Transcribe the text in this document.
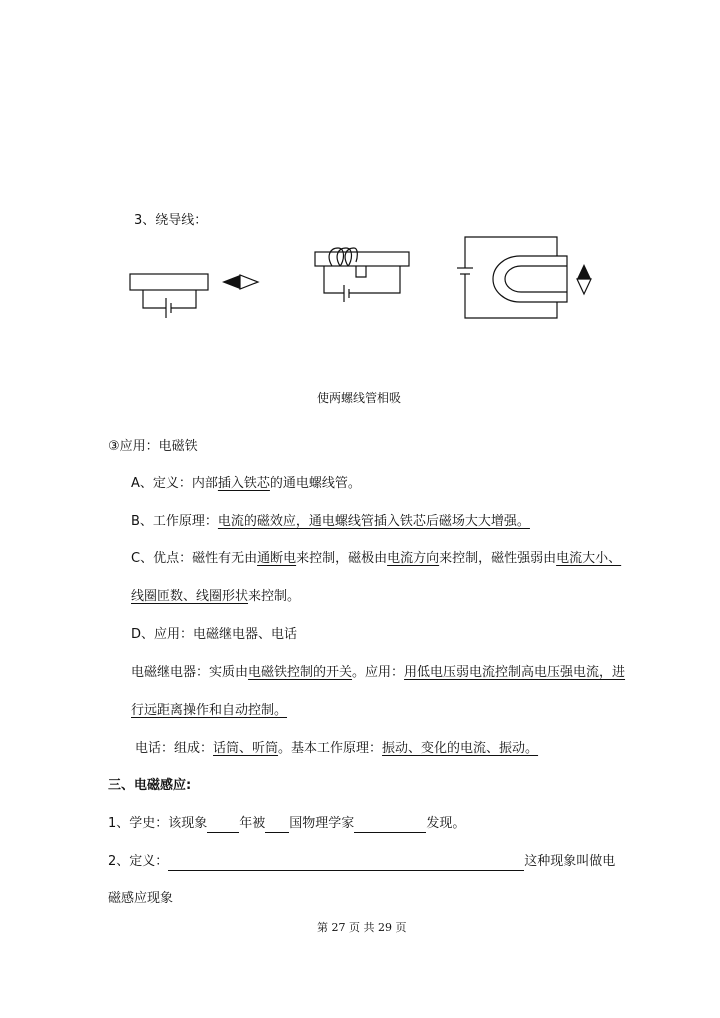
3、绕导线：
使两螺线管相吸
③应用：电磁铁
A、定义：内部插入铁芯的通电螺线管。
B、工作原理：电流的磁效应，通电螺线管插入铁芯后磁场大大增强。
C、优点：磁性有无由通断电来控制，磁极由电流方向来控制，磁性强弱由电流大小、
线圈匝数、线圈形状来控制。
D、应用：电磁继电器、电话
电磁继电器：实质由电磁铁控制的开关。应用：用低电压弱电流控制高电压强电流，进
行远距离操作和自动控制。
电话：组成：话筒、听筒。基本工作原理：振动、变化的电流、振动。
三、电磁感应:
1、学史：该现象 年被 国物理学家	发现。
2、定义：	这种现象叫做电
磁感应现象
第 27 页 共 29 页
